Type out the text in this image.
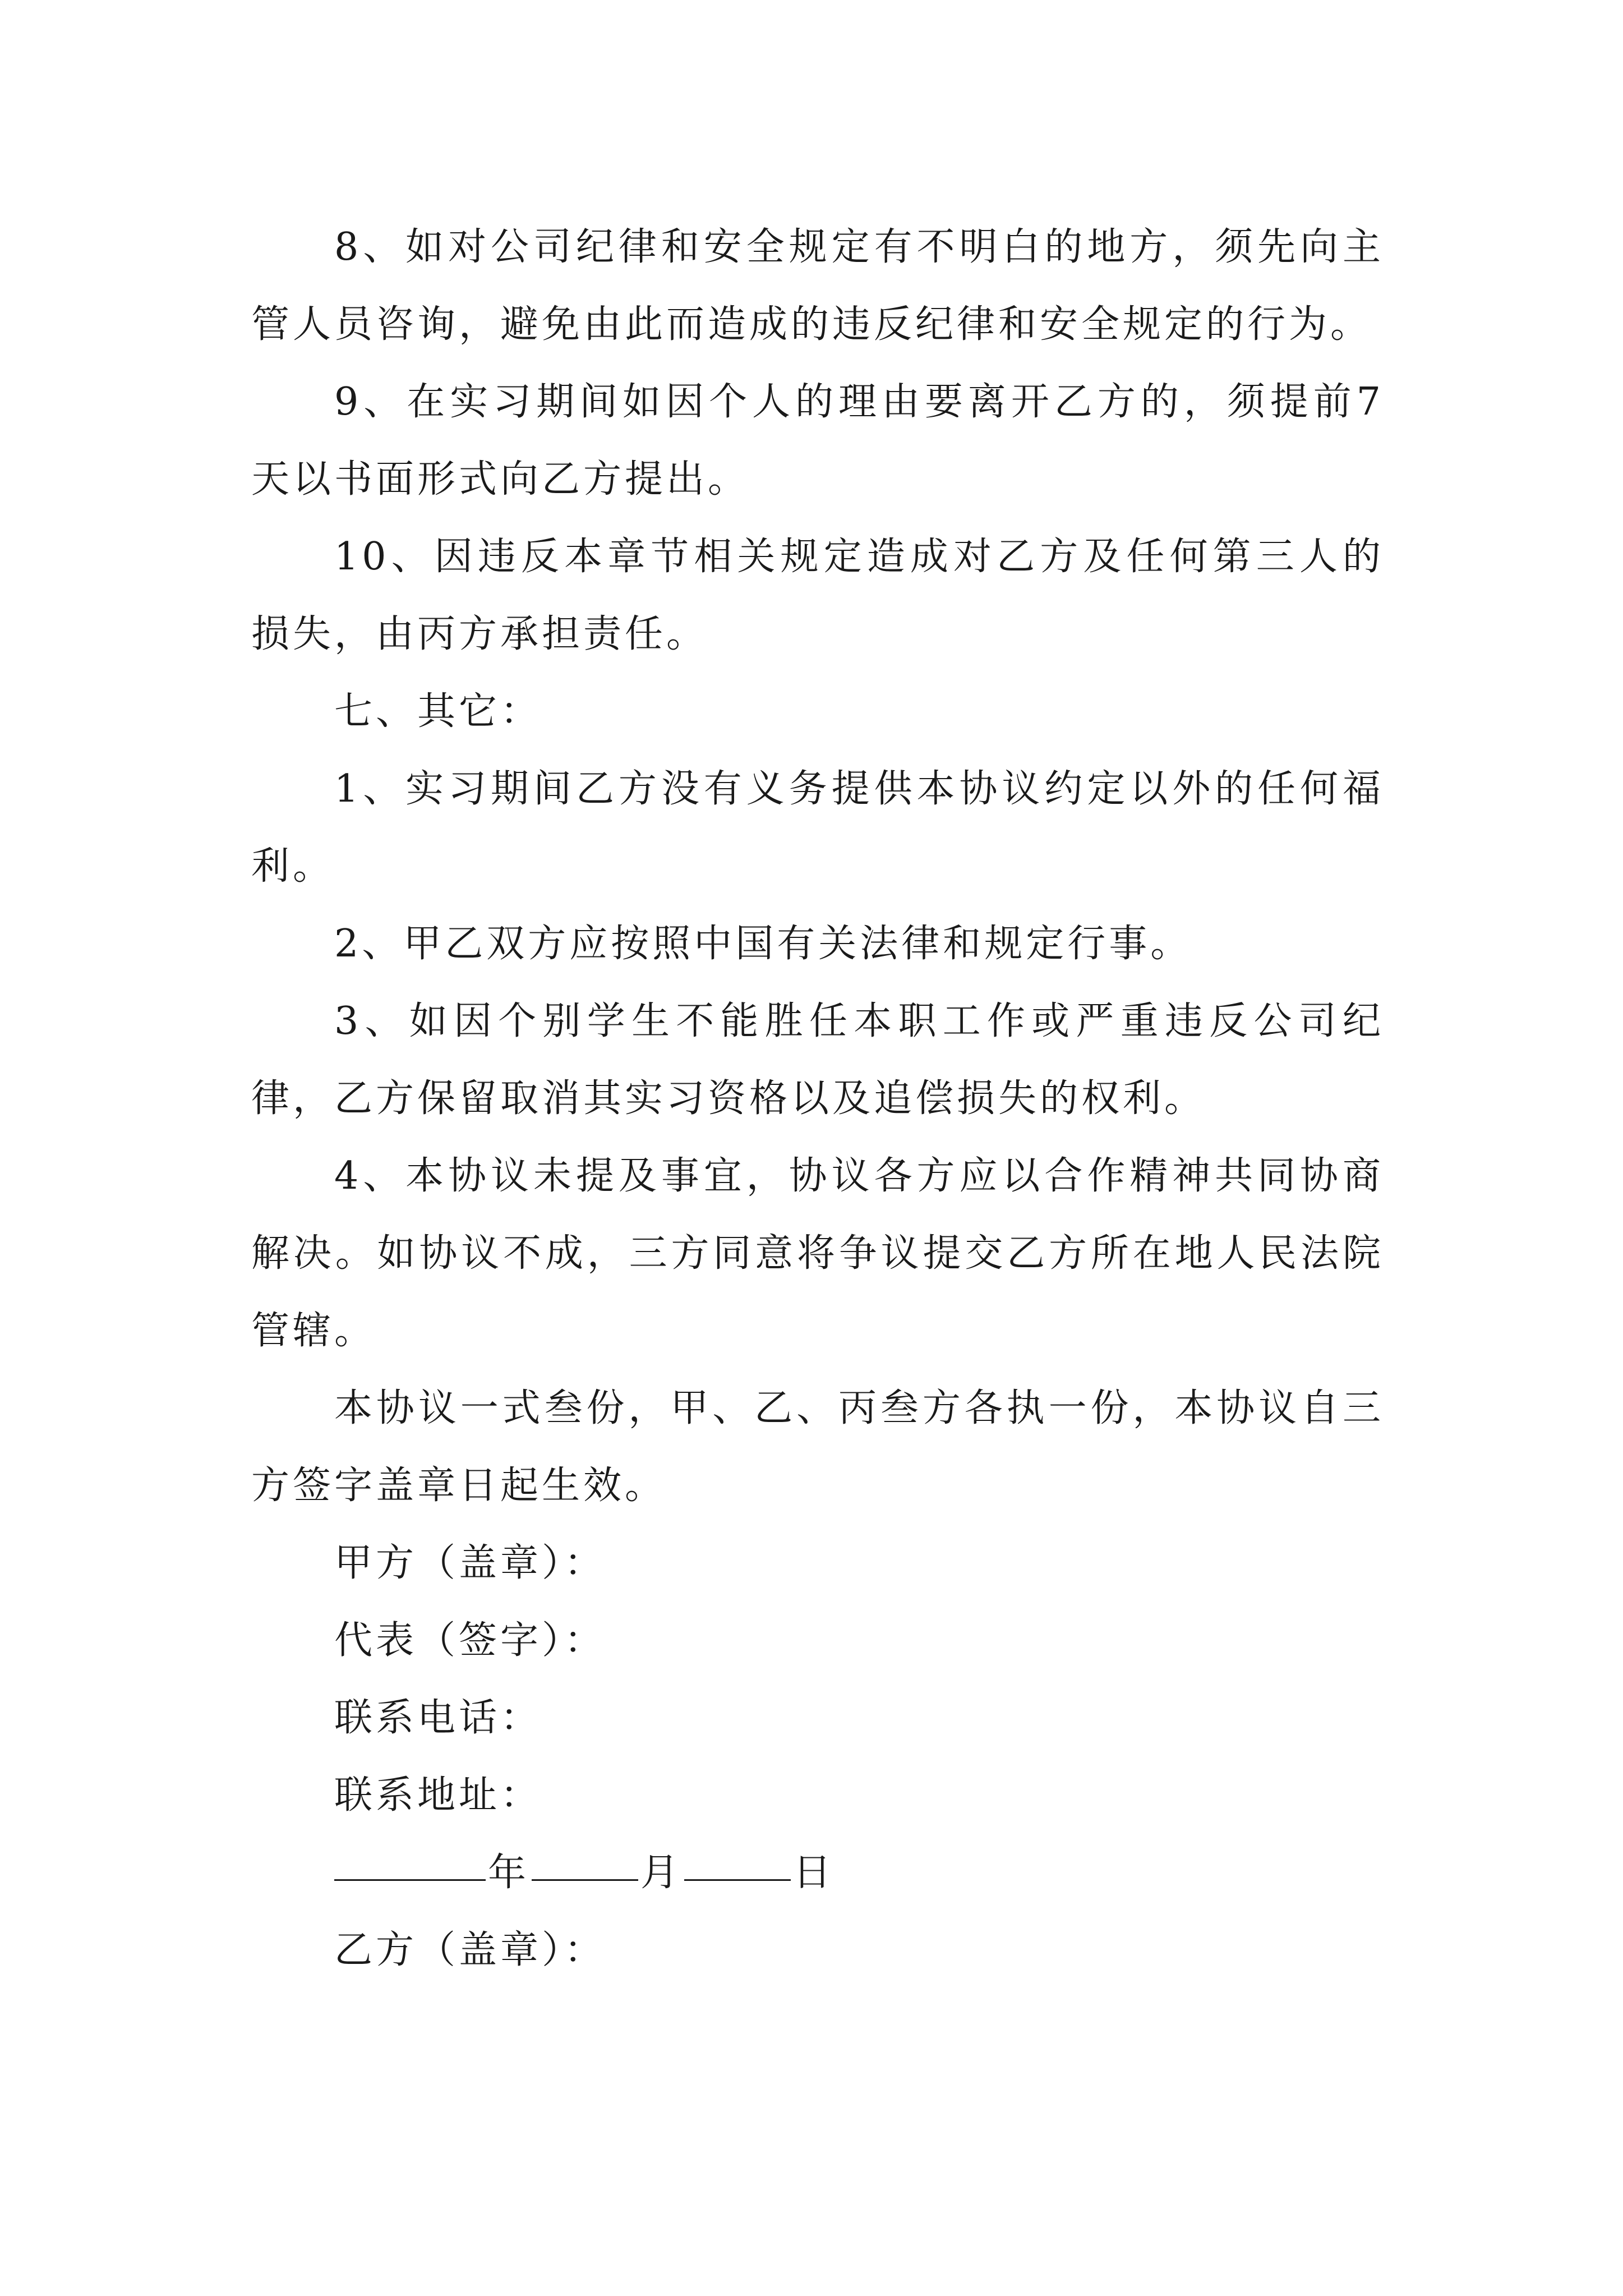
8、如对公司纪律和安全规定有不明白的地方，须先向主管人员咨询，避免由此而造成的违反纪律和安全规定的行为。

9、在实习期间如因个人的理由要离开乙方的，须提前7天以书面形式向乙方提出。

10、因违反本章节相关规定造成对乙方及任何第三人的损失，由丙方承担责任。

七、其它：

1、实习期间乙方没有义务提供本协议约定以外的任何福利。

2、甲乙双方应按照中国有关法律和规定行事。

3、如因个别学生不能胜任本职工作或严重违反公司纪律，乙方保留取消其实习资格以及追偿损失的权利。

4、本协议未提及事宜，协议各方应以合作精神共同协商解决。如协议不成，三方同意将争议提交乙方所在地人民法院管辖。

本协议一式叁份，甲、乙、丙叁方各执一份，本协议自三方签字盖章日起生效。

甲方（盖章）：

代表（签字）：

联系电话：

联系地址：

年	月	日

乙方（盖章）：
